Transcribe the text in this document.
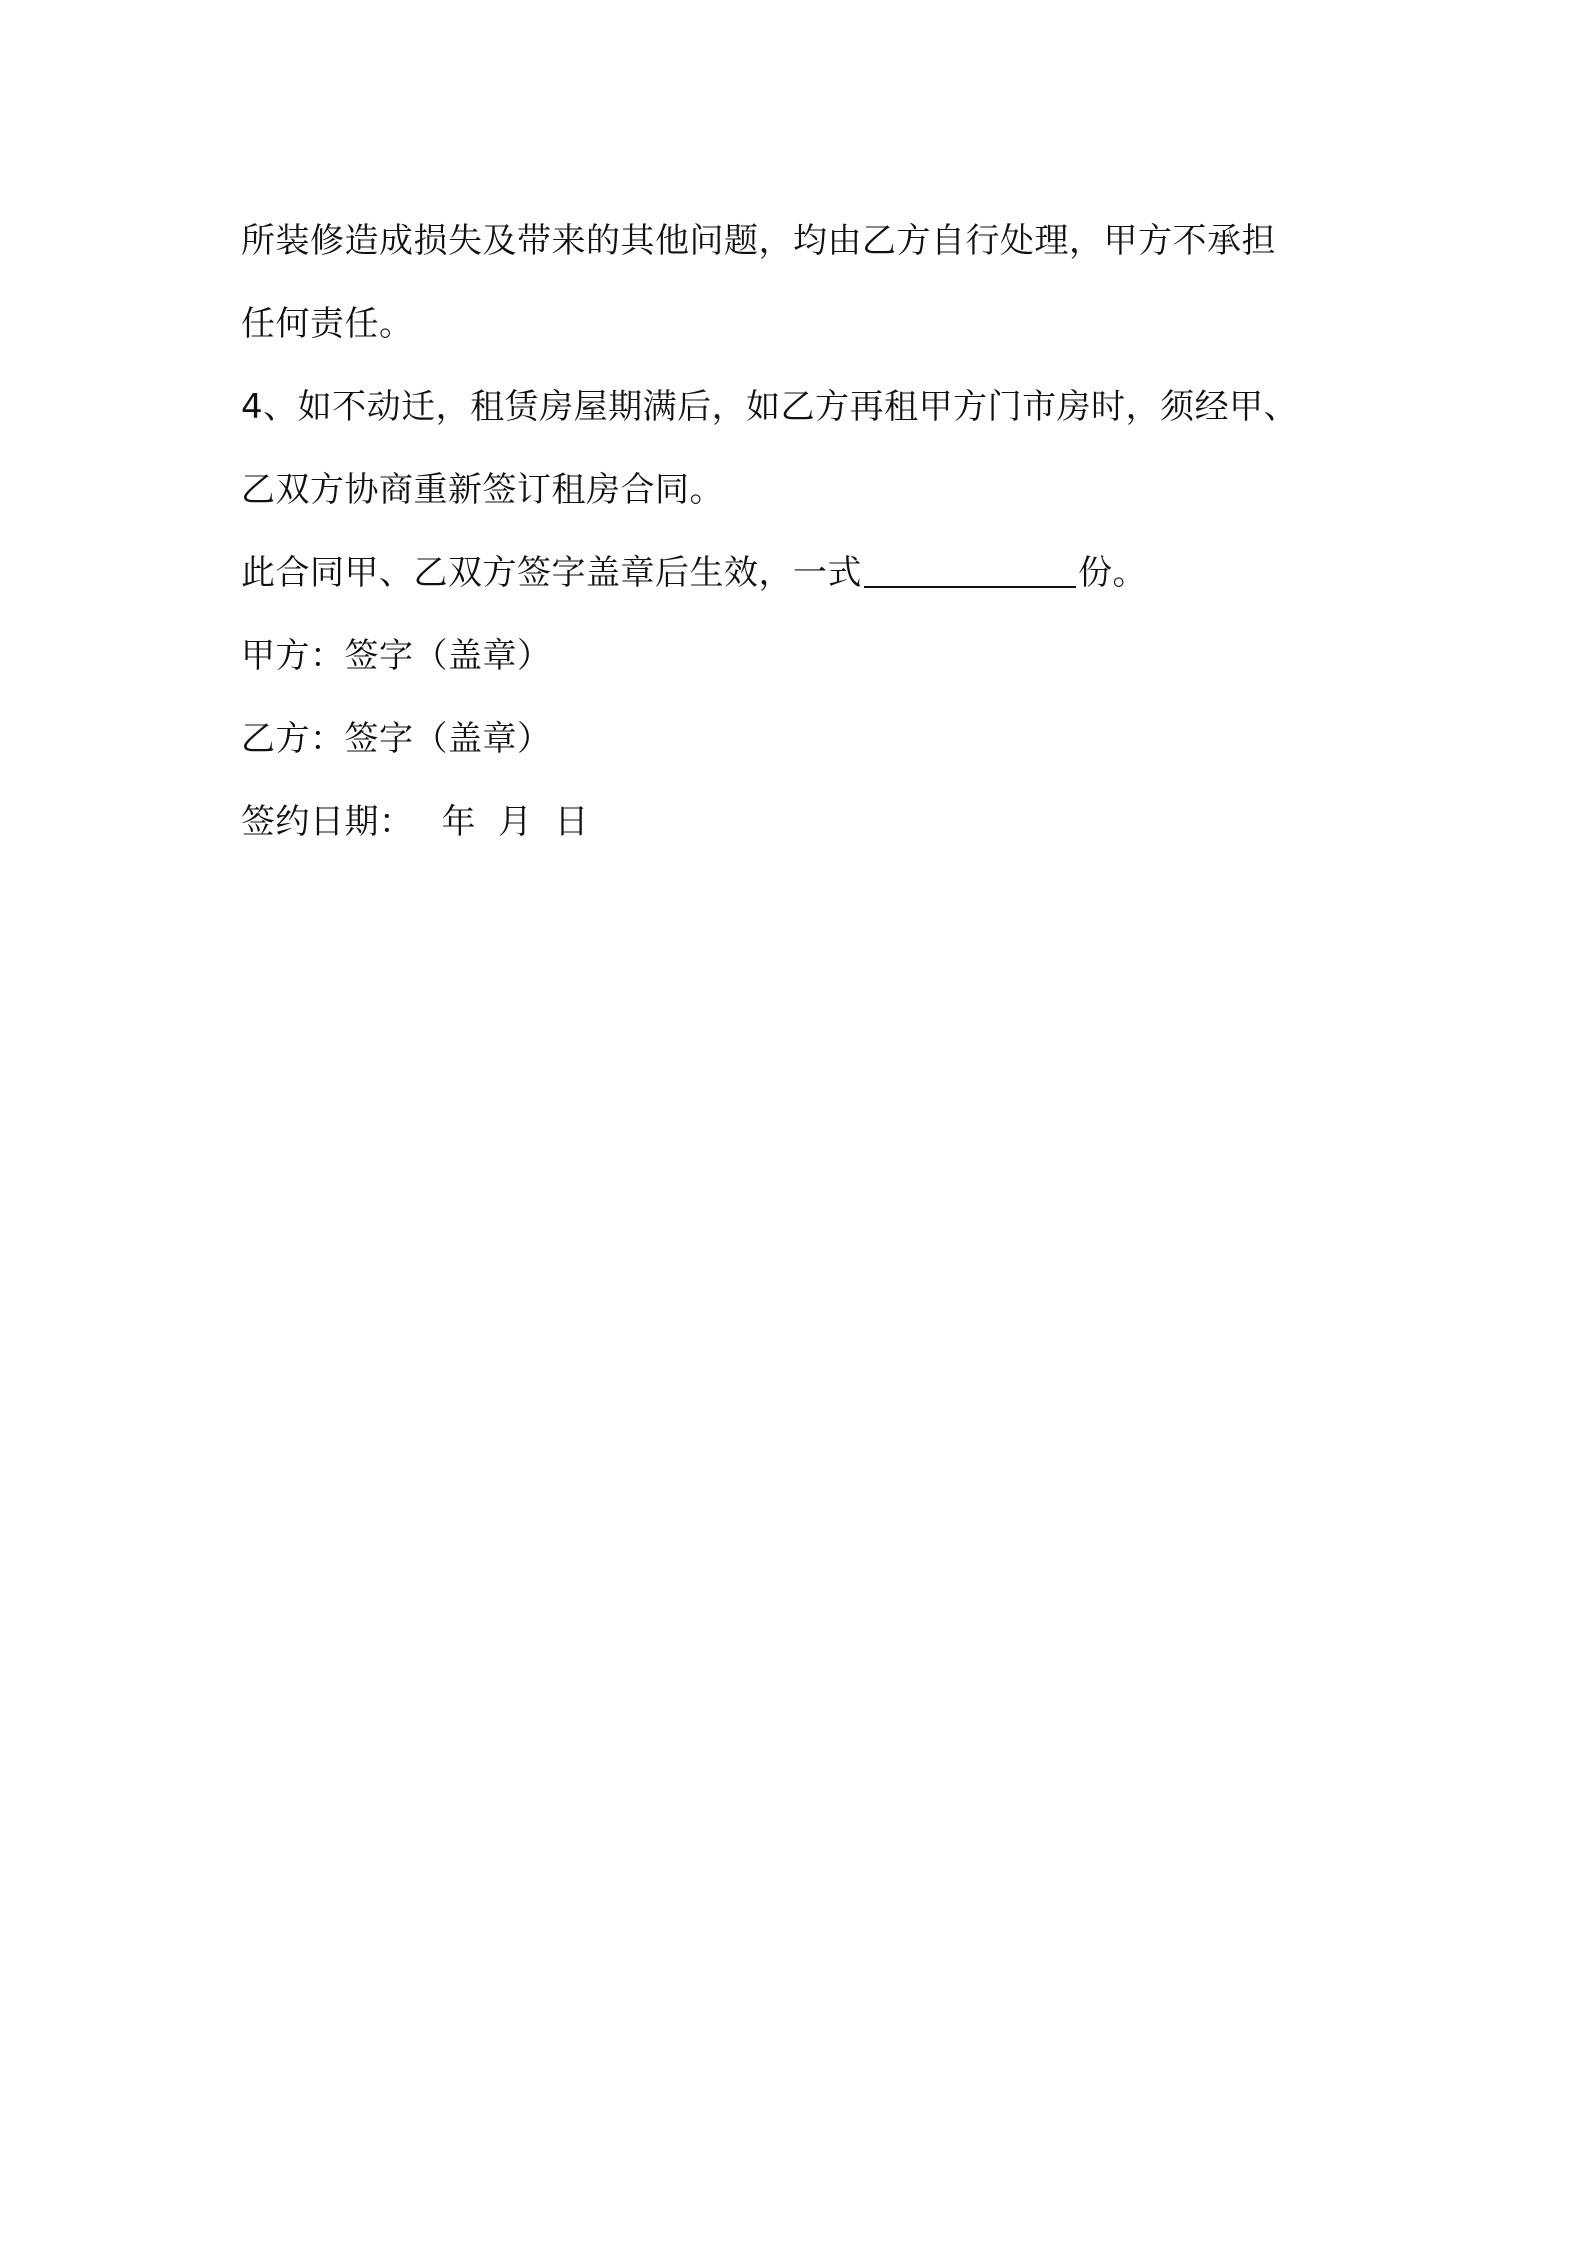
所装修造成损失及带来的其他问题，均由乙方自行处理，甲方不承担
任何责任。
4、如不动迁，租赁房屋期满后，如乙方再租甲方门市房时，须经甲、
乙双方协商重新签订租房合同。
此合同甲、乙双方签字盖章后生效，一式	份。
甲方：签字（盖章）
乙方：签字（盖章）
签约日期： 年 月 日
